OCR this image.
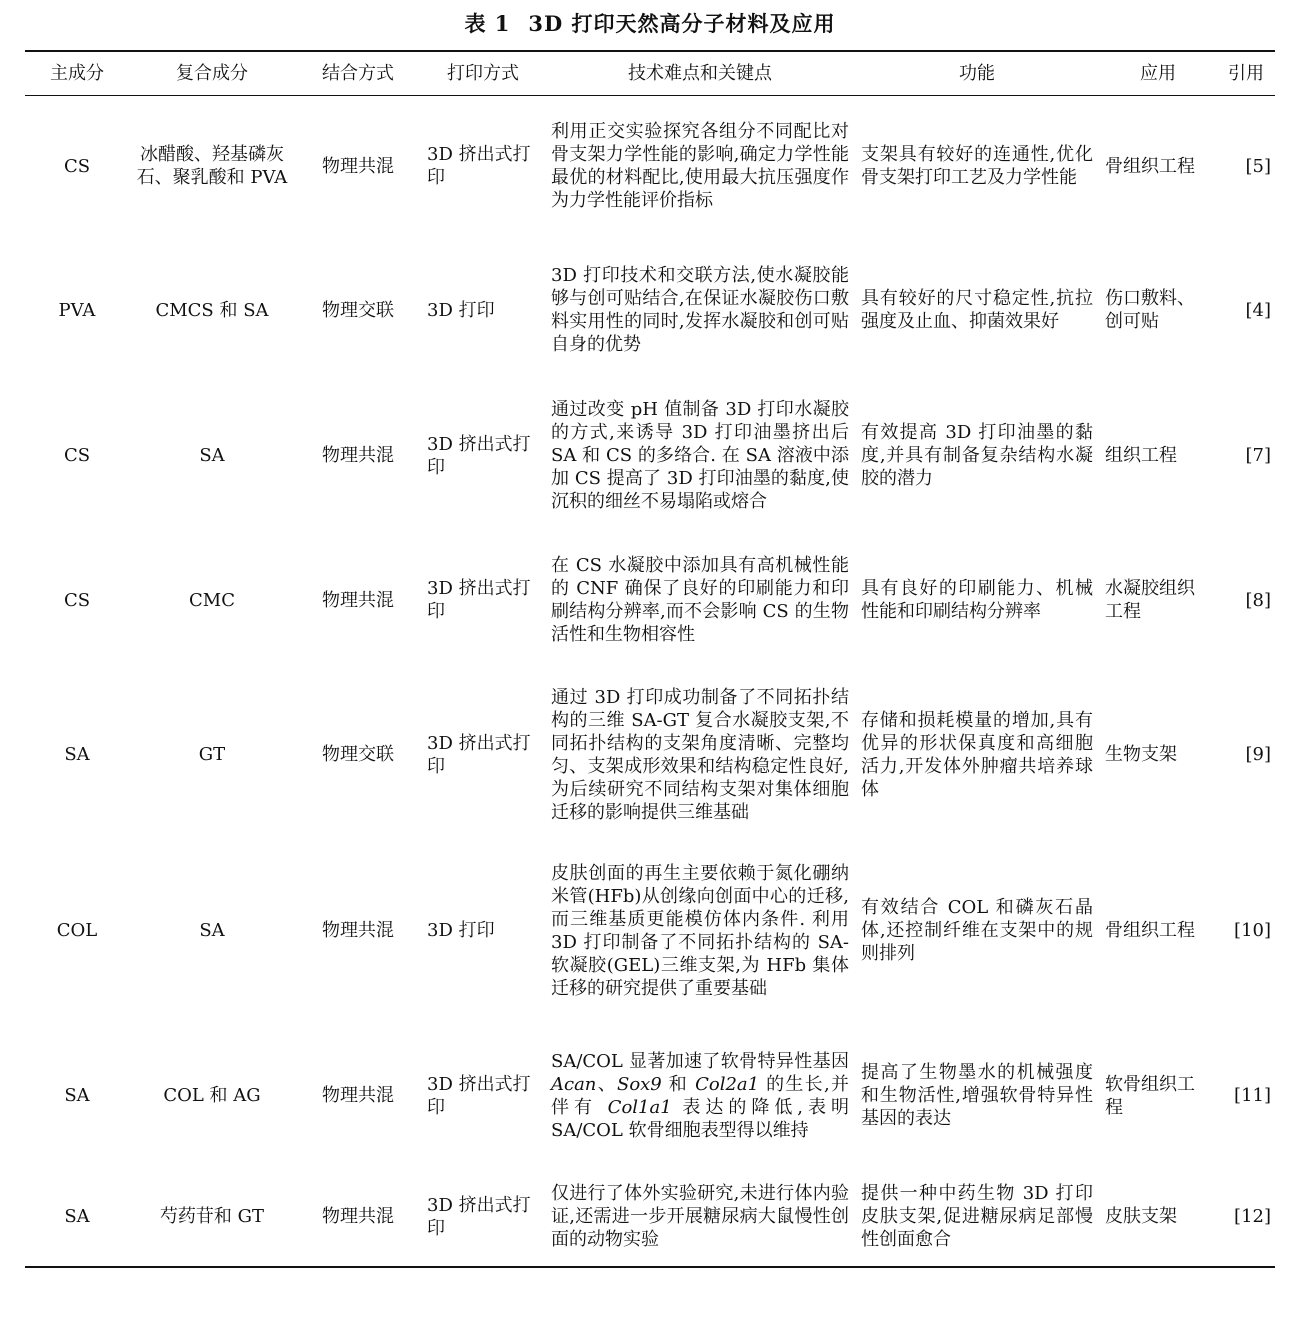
表 1 3D 打印天然高分子材料及应用
主成分	复合成分	结合方式	打印方式	技术难点和关键点	功能	应用	引用
CS	冰醋酸、羟基磷灰石、聚乳酸和 PVA	物理共混	3D 挤出式打印	利用正交实验探究各组分不同配比对骨支架力学性能的影响,确定力学性能最优的材料配比,使用最大抗压强度作为力学性能评价指标	支架具有较好的连通性,优化骨支架打印工艺及力学性能	骨组织工程	[5]
PVA	CMCS 和 SA	物理交联	3D 打印	3D 打印技术和交联方法,使水凝胶能够与创可贴结合,在保证水凝胶伤口敷料实用性的同时,发挥水凝胶和创可贴自身的优势	具有较好的尺寸稳定性,抗拉强度及止血、抑菌效果好	伤口敷料、创可贴	[4]
CS	SA	物理共混	3D 挤出式打印	通过改变 pH 值制备 3D 打印水凝胶的方式,来诱导 3D 打印油墨挤出后 SA 和 CS 的多络合. 在 SA 溶液中添加 CS 提高了 3D 打印油墨的黏度,使沉积的细丝不易塌陷或熔合	有效提高 3D 打印油墨的黏度,并具有制备复杂结构水凝胶的潜力	组织工程	[7]
CS	CMC	物理共混	3D 挤出式打印	在 CS 水凝胶中添加具有高机械性能的 CNF 确保了良好的印刷能力和印刷结构分辨率,而不会影响 CS 的生物活性和生物相容性	具有良好的印刷能力、机械性能和印刷结构分辨率	水凝胶组织工程	[8]
SA	GT	物理交联	3D 挤出式打印	通过 3D 打印成功制备了不同拓扑结构的三维 SA-GT 复合水凝胶支架,不同拓扑结构的支架角度清晰、完整均匀、支架成形效果和结构稳定性良好,为后续研究不同结构支架对集体细胞迁移的影响提供三维基础	存储和损耗模量的增加,具有优异的形状保真度和高细胞活力,开发体外肿瘤共培养球体	生物支架	[9]
COL	SA	物理共混	3D 打印	皮肤创面的再生主要依赖于氮化硼纳米管(HFb)从创缘向创面中心的迁移,而三维基质更能模仿体内条件. 利用 3D 打印制备了不同拓扑结构的 SA-软凝胶(GEL)三维支架,为 HFb 集体迁移的研究提供了重要基础	有效结合 COL 和磷灰石晶体,还控制纤维在支架中的规则排列	骨组织工程	[10]
SA	COL 和 AG	物理共混	3D 挤出式打印	SA/COL 显著加速了软骨特异性基因 Acan、Sox9 和 Col2a1 的生长,并伴有 Col1a1 表达的降低,表明 SA/COL 软骨细胞表型得以维持	提高了生物墨水的机械强度和生物活性,增强软骨特异性基因的表达	软骨组织工程	[11]
SA	芍药苷和 GT	物理共混	3D 挤出式打印	仅进行了体外实验研究,未进行体内验证,还需进一步开展糖尿病大鼠慢性创面的动物实验	提供一种中药生物 3D 打印皮肤支架,促进糖尿病足部慢性创面愈合	皮肤支架	[12]
